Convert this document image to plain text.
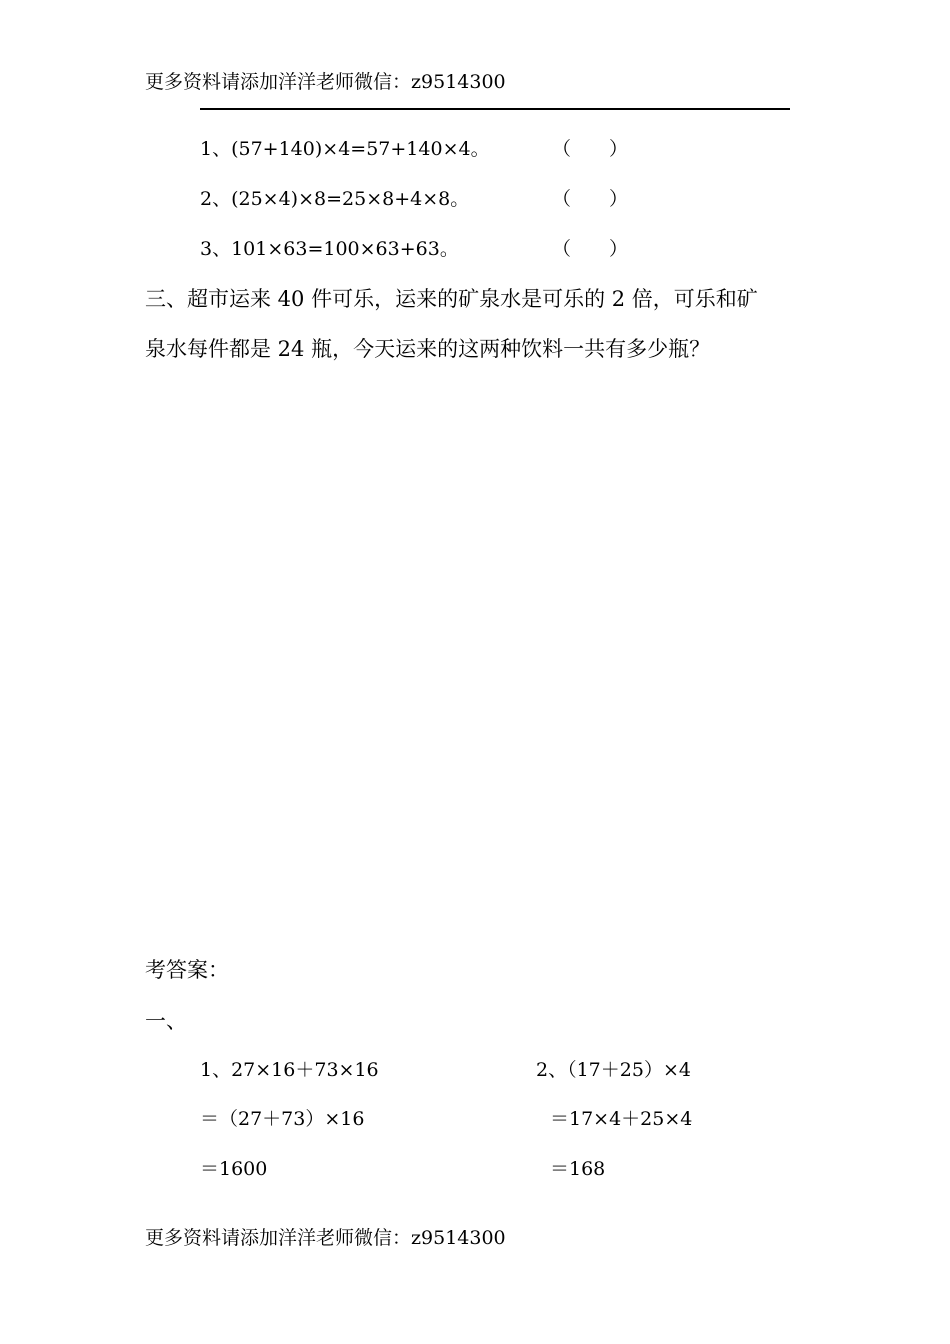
更多资料请添加洋洋老师微信：z9514300
1、(57+140)×4=57+140×4。	（　　）
2、(25×4)×8=25×8+4×8。	（　　）
3、101×63=100×63+63。	（　　）
三、超市运来 40 件可乐，运来的矿泉水是可乐的 2 倍，可乐和矿
泉水每件都是 24 瓶，今天运来的这两种饮料一共有多少瓶？
考答案：
一、
1、27×16＋73×16
＝（27＋73）×16
＝1600
2、（17＋25）×4
＝17×4＋25×4
＝168
更多资料请添加洋洋老师微信：z9514300
